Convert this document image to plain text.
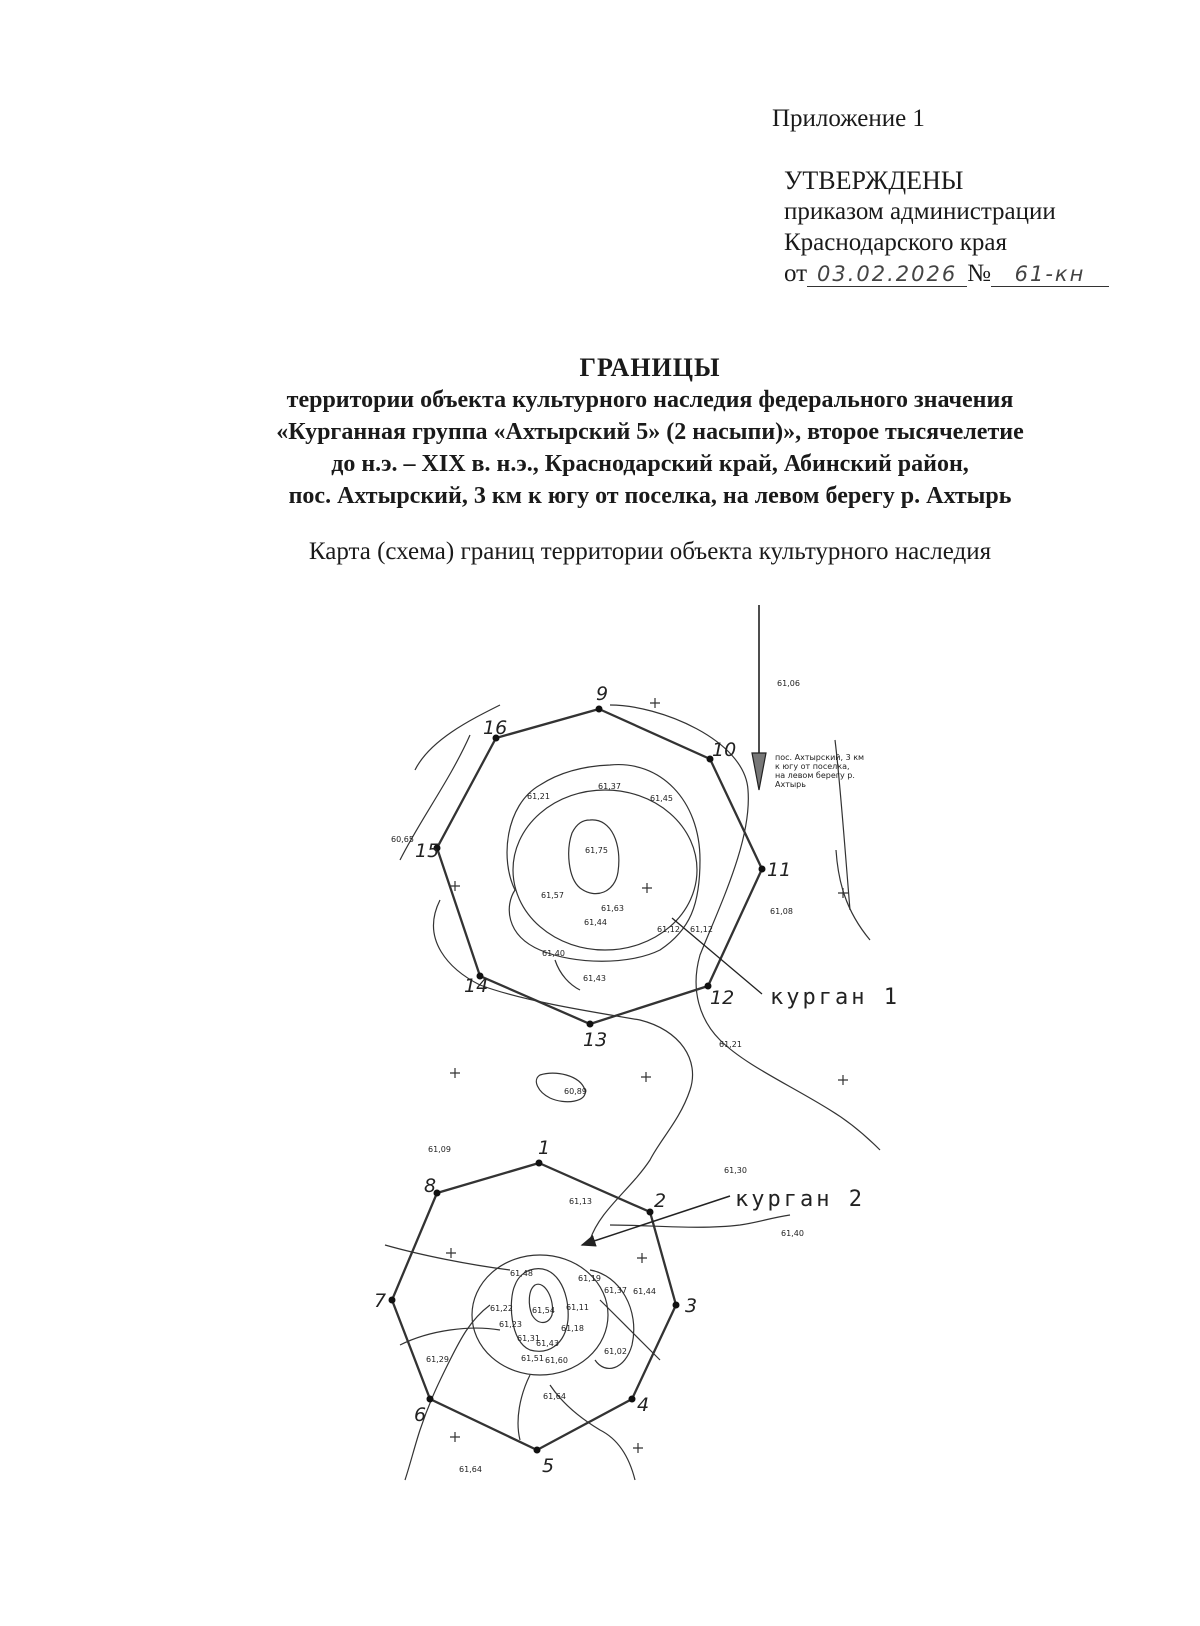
Приложение 1
УТВЕРЖДЕНЫ
приказом администрации
Краснодарского края
от 03.02.2026 № 61-кн
ГРАНИЦЫ
территории объекта культурного наследия федерального значения
«Курганная группа «Ахтырский 5» (2 насыпи)», второе тысячелетие
до н.э. – XIX в. н.э., Краснодарский край, Абинский район,
пос. Ахтырский, 3 км к югу от поселка, на левом берегу р. Ахтырь
Карта (схема) границ территории объекта культурного наследия
9
10
11
12
13
14
15
16
1
2
3
4
5
6
7
8
курган 1
курган 2
пос. Ахтырский, 3 км
к югу от поселка,
на левом берегу р.
Ахтырь
61,06
61,21
61,37
61,45
60,65
61,75
61,57
61,63
61,44
61,08
61,12 61,12
61,40
61,43
61,21
60,89
61,09
61,30
61,13
61,40
61,48
61,19
61,37 61,44
61,22 61,54 61,11
61,23	61,18
61,31
61,43
61,02
61,29	61,51 61,60
61,64
61,64
